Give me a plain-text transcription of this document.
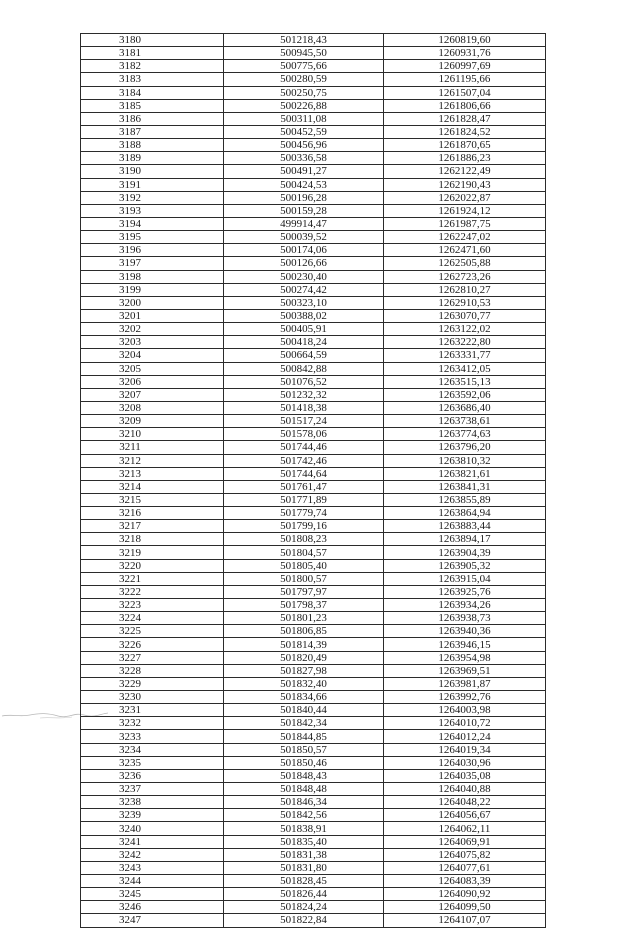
3180	501218,43	1260819,60
3181	500945,50	1260931,76
3182	500775,66	1260997,69
3183	500280,59	1261195,66
3184	500250,75	1261507,04
3185	500226,88	1261806,66
3186	500311,08	1261828,47
3187	500452,59	1261824,52
3188	500456,96	1261870,65
3189	500336,58	1261886,23
3190	500491,27	1262122,49
3191	500424,53	1262190,43
3192	500196,28	1262022,87
3193	500159,28	1261924,12
3194	499914,47	1261987,75
3195	500039,52	1262247,02
3196	500174,06	1262471,60
3197	500126,66	1262505,88
3198	500230,40	1262723,26
3199	500274,42	1262810,27
3200	500323,10	1262910,53
3201	500388,02	1263070,77
3202	500405,91	1263122,02
3203	500418,24	1263222,80
3204	500664,59	1263331,77
3205	500842,88	1263412,05
3206	501076,52	1263515,13
3207	501232,32	1263592,06
3208	501418,38	1263686,40
3209	501517,24	1263738,61
3210	501578,06	1263774,63
3211	501744,46	1263796,20
3212	501742,46	1263810,32
3213	501744,64	1263821,61
3214	501761,47	1263841,31
3215	501771,89	1263855,89
3216	501779,74	1263864,94
3217	501799,16	1263883,44
3218	501808,23	1263894,17
3219	501804,57	1263904,39
3220	501805,40	1263905,32
3221	501800,57	1263915,04
3222	501797,97	1263925,76
3223	501798,37	1263934,26
3224	501801,23	1263938,73
3225	501806,85	1263940,36
3226	501814,39	1263946,15
3227	501820,49	1263954,98
3228	501827,98	1263969,51
3229	501832,40	1263981,87
3230	501834,66	1263992,76
3231	501840,44	1264003,98
3232	501842,34	1264010,72
3233	501844,85	1264012,24
3234	501850,57	1264019,34
3235	501850,46	1264030,96
3236	501848,43	1264035,08
3237	501848,48	1264040,88
3238	501846,34	1264048,22
3239	501842,56	1264056,67
3240	501838,91	1264062,11
3241	501835,40	1264069,91
3242	501831,38	1264075,82
3243	501831,80	1264077,61
3244	501828,45	1264083,39
3245	501826,44	1264090,92
3246	501824,24	1264099,50
3247	501822,84	1264107,07
